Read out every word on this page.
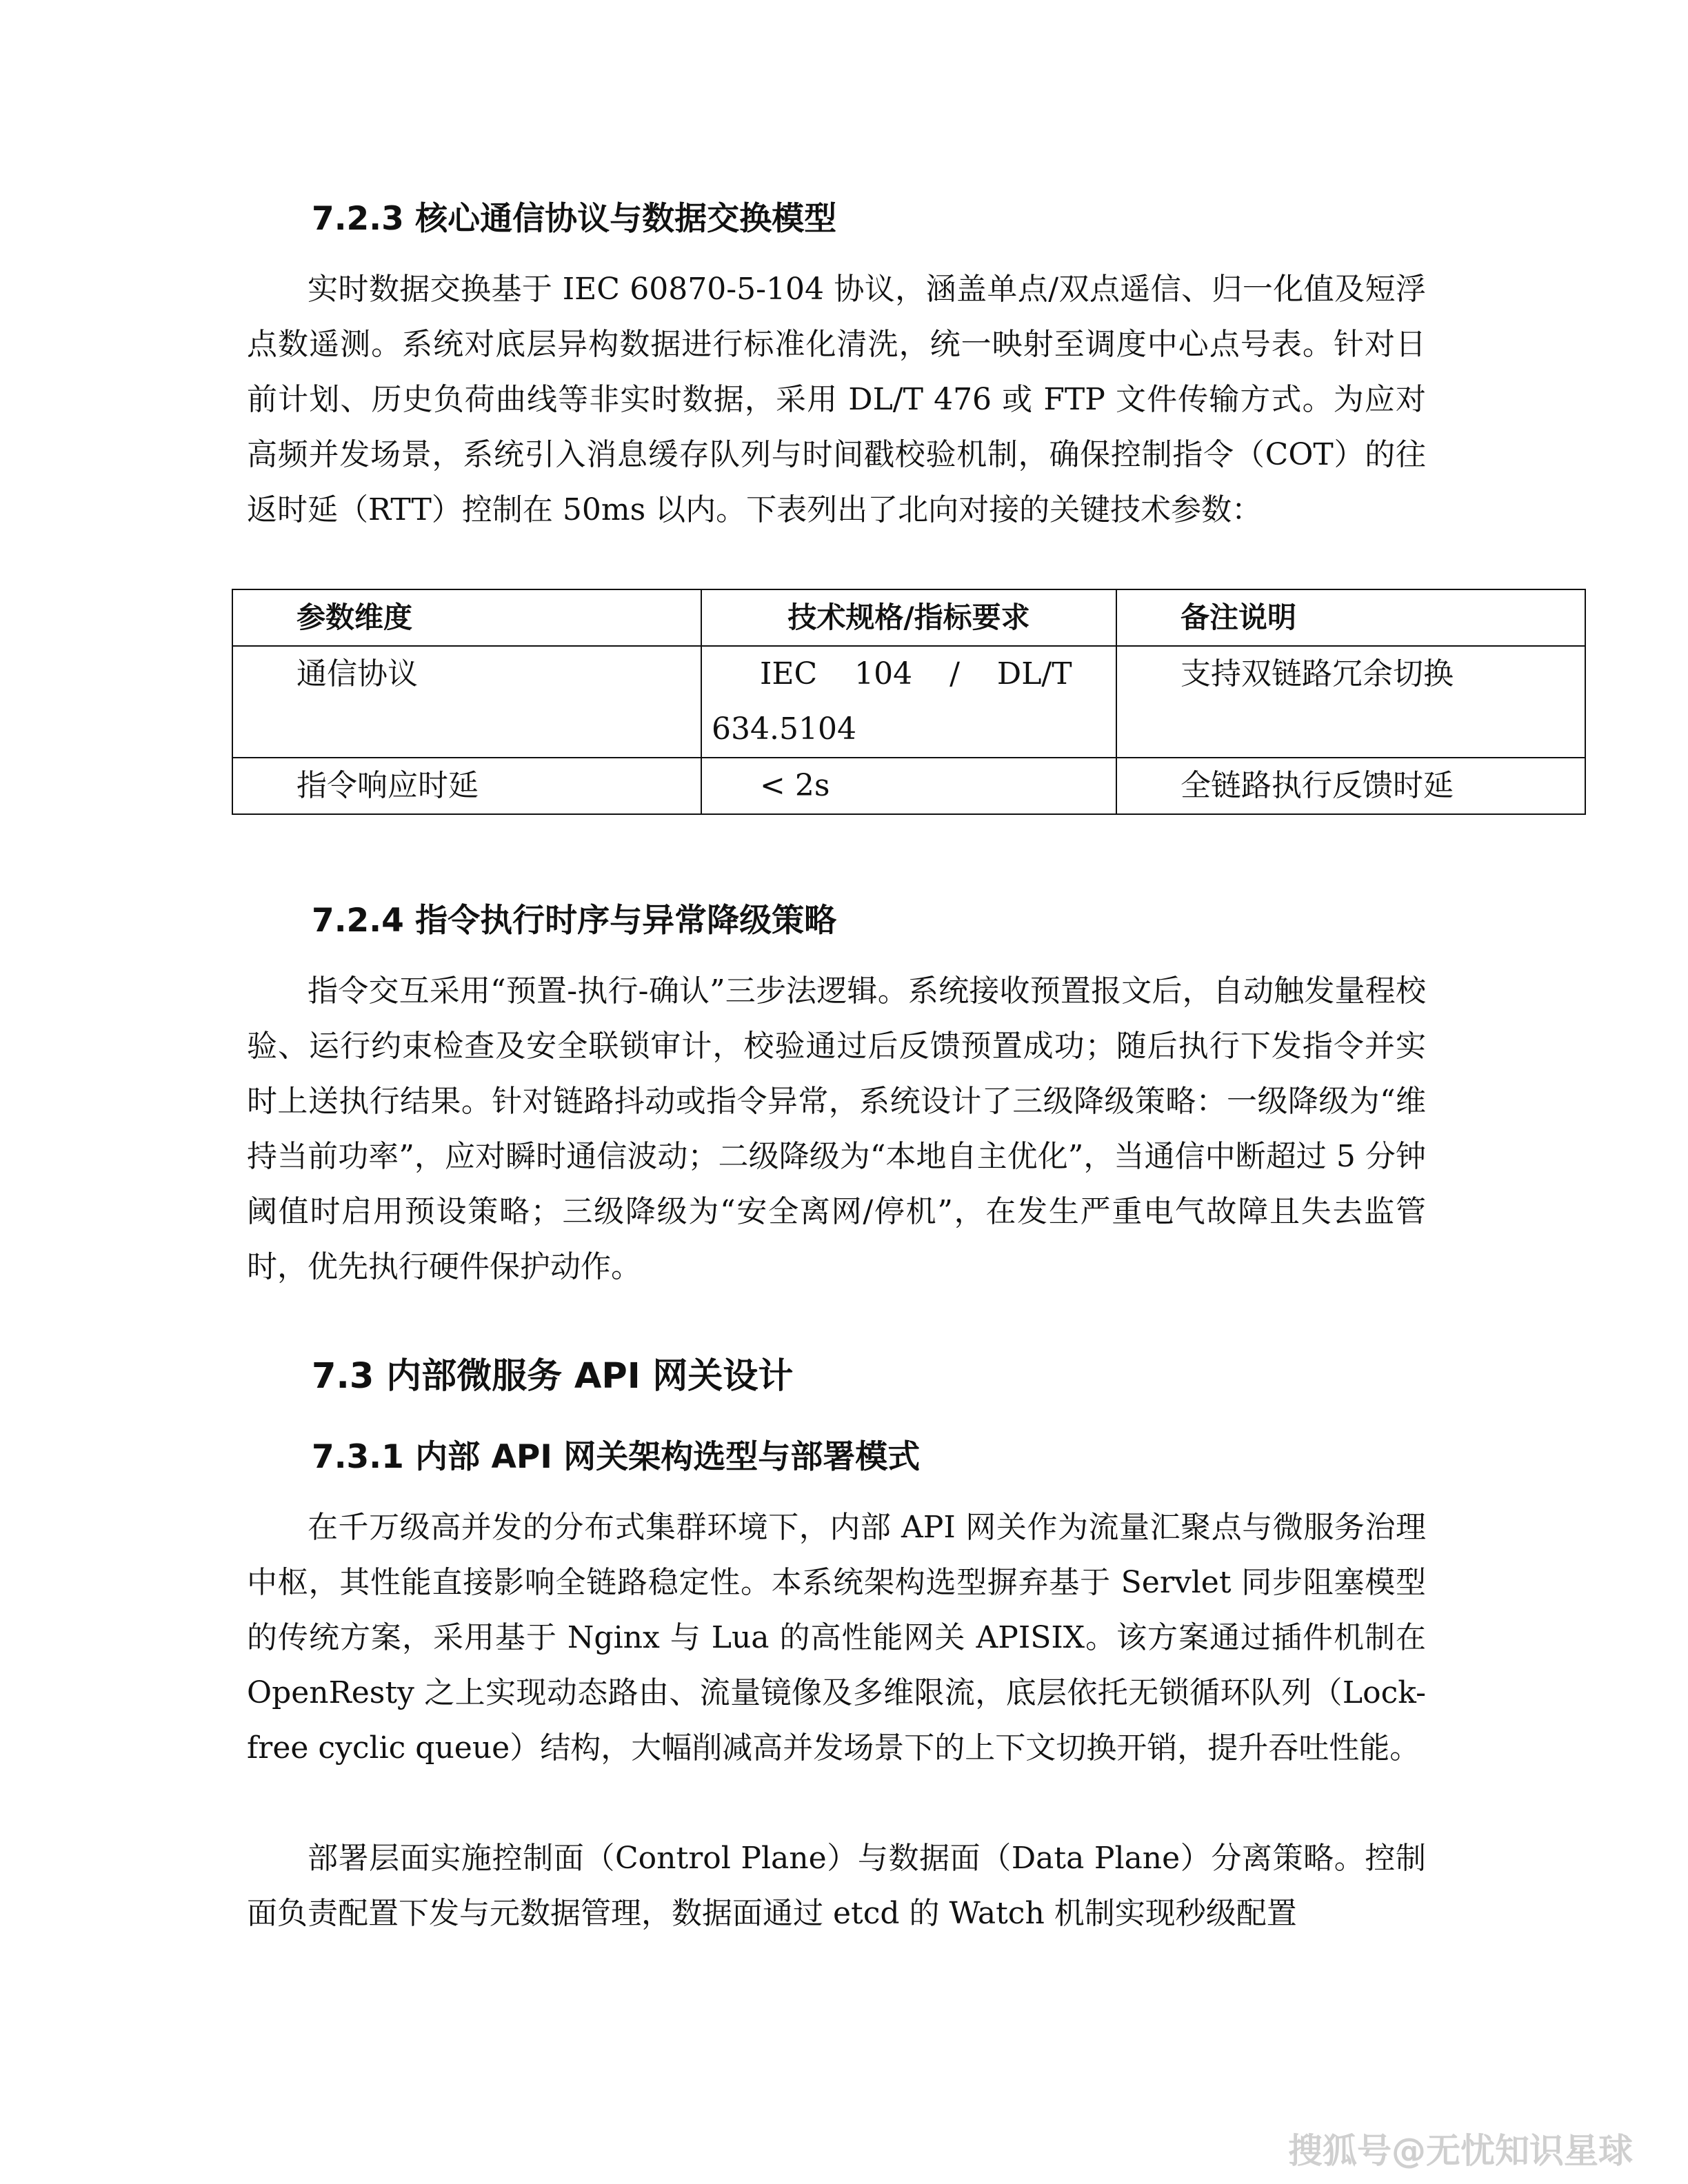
7.2.3 核心通信协议与数据交换模型

实时数据交换基于 IEC 60870-5-104 协议，涵盖单点/双点遥信、归一化值及短浮点数遥测。系统对底层异构数据进行标准化清洗，统一映射至调度中心点号表。针对日前计划、历史负荷曲线等非实时数据，采用 DL/T 476 或 FTP 文件传输方式。为应对高频并发场景，系统引入消息缓存队列与时间戳校验机制，确保控制指令（COT）的往返时延（RTT）控制在 50ms 以内。下表列出了北向对接的关键技术参数：

参数维度	技术规格/指标要求	备注说明
通信协议	IEC 104 / DL/T 634.5104	支持双链路冗余切换
指令响应时延	< 2s	全链路执行反馈时延
7.2.4 指令执行时序与异常降级策略

指令交互采用“预置-执行-确认”三步法逻辑。系统接收预置报文后，自动触发量程校验、运行约束检查及安全联锁审计，校验通过后反馈预置成功；随后执行下发指令并实时上送执行结果。针对链路抖动或指令异常，系统设计了三级降级策略：一级降级为“维持当前功率”，应对瞬时通信波动；二级降级为“本地自主优化”，当通信中断超过 5 分钟阈值时启用预设策略；三级降级为“安全离网/停机”，在发生严重电气故障且失去监管时，优先执行硬件保护动作。

7.3 内部微服务 API 网关设计
7.3.1 内部 API 网关架构选型与部署模式

在千万级高并发的分布式集群环境下，内部 API 网关作为流量汇聚点与微服务治理中枢，其性能直接影响全链路稳定性。本系统架构选型摒弃基于 Servlet 同步阻塞模型的传统方案，采用基于 Nginx 与 Lua 的高性能网关 APISIX。该方案通过插件机制在 OpenResty 之上实现动态路由、流量镜像及多维限流，底层依托无锁循环队列（Lock-free cyclic queue）结构，大幅削减高并发场景下的上下文切换开销，提升吞吐性能。

部署层面实施控制面（Control Plane）与数据面（Data Plane）分离策略。控制面负责配置下发与元数据管理，数据面通过 etcd 的 Watch 机制实现秒级配置

搜狐号@无忧知识星球
